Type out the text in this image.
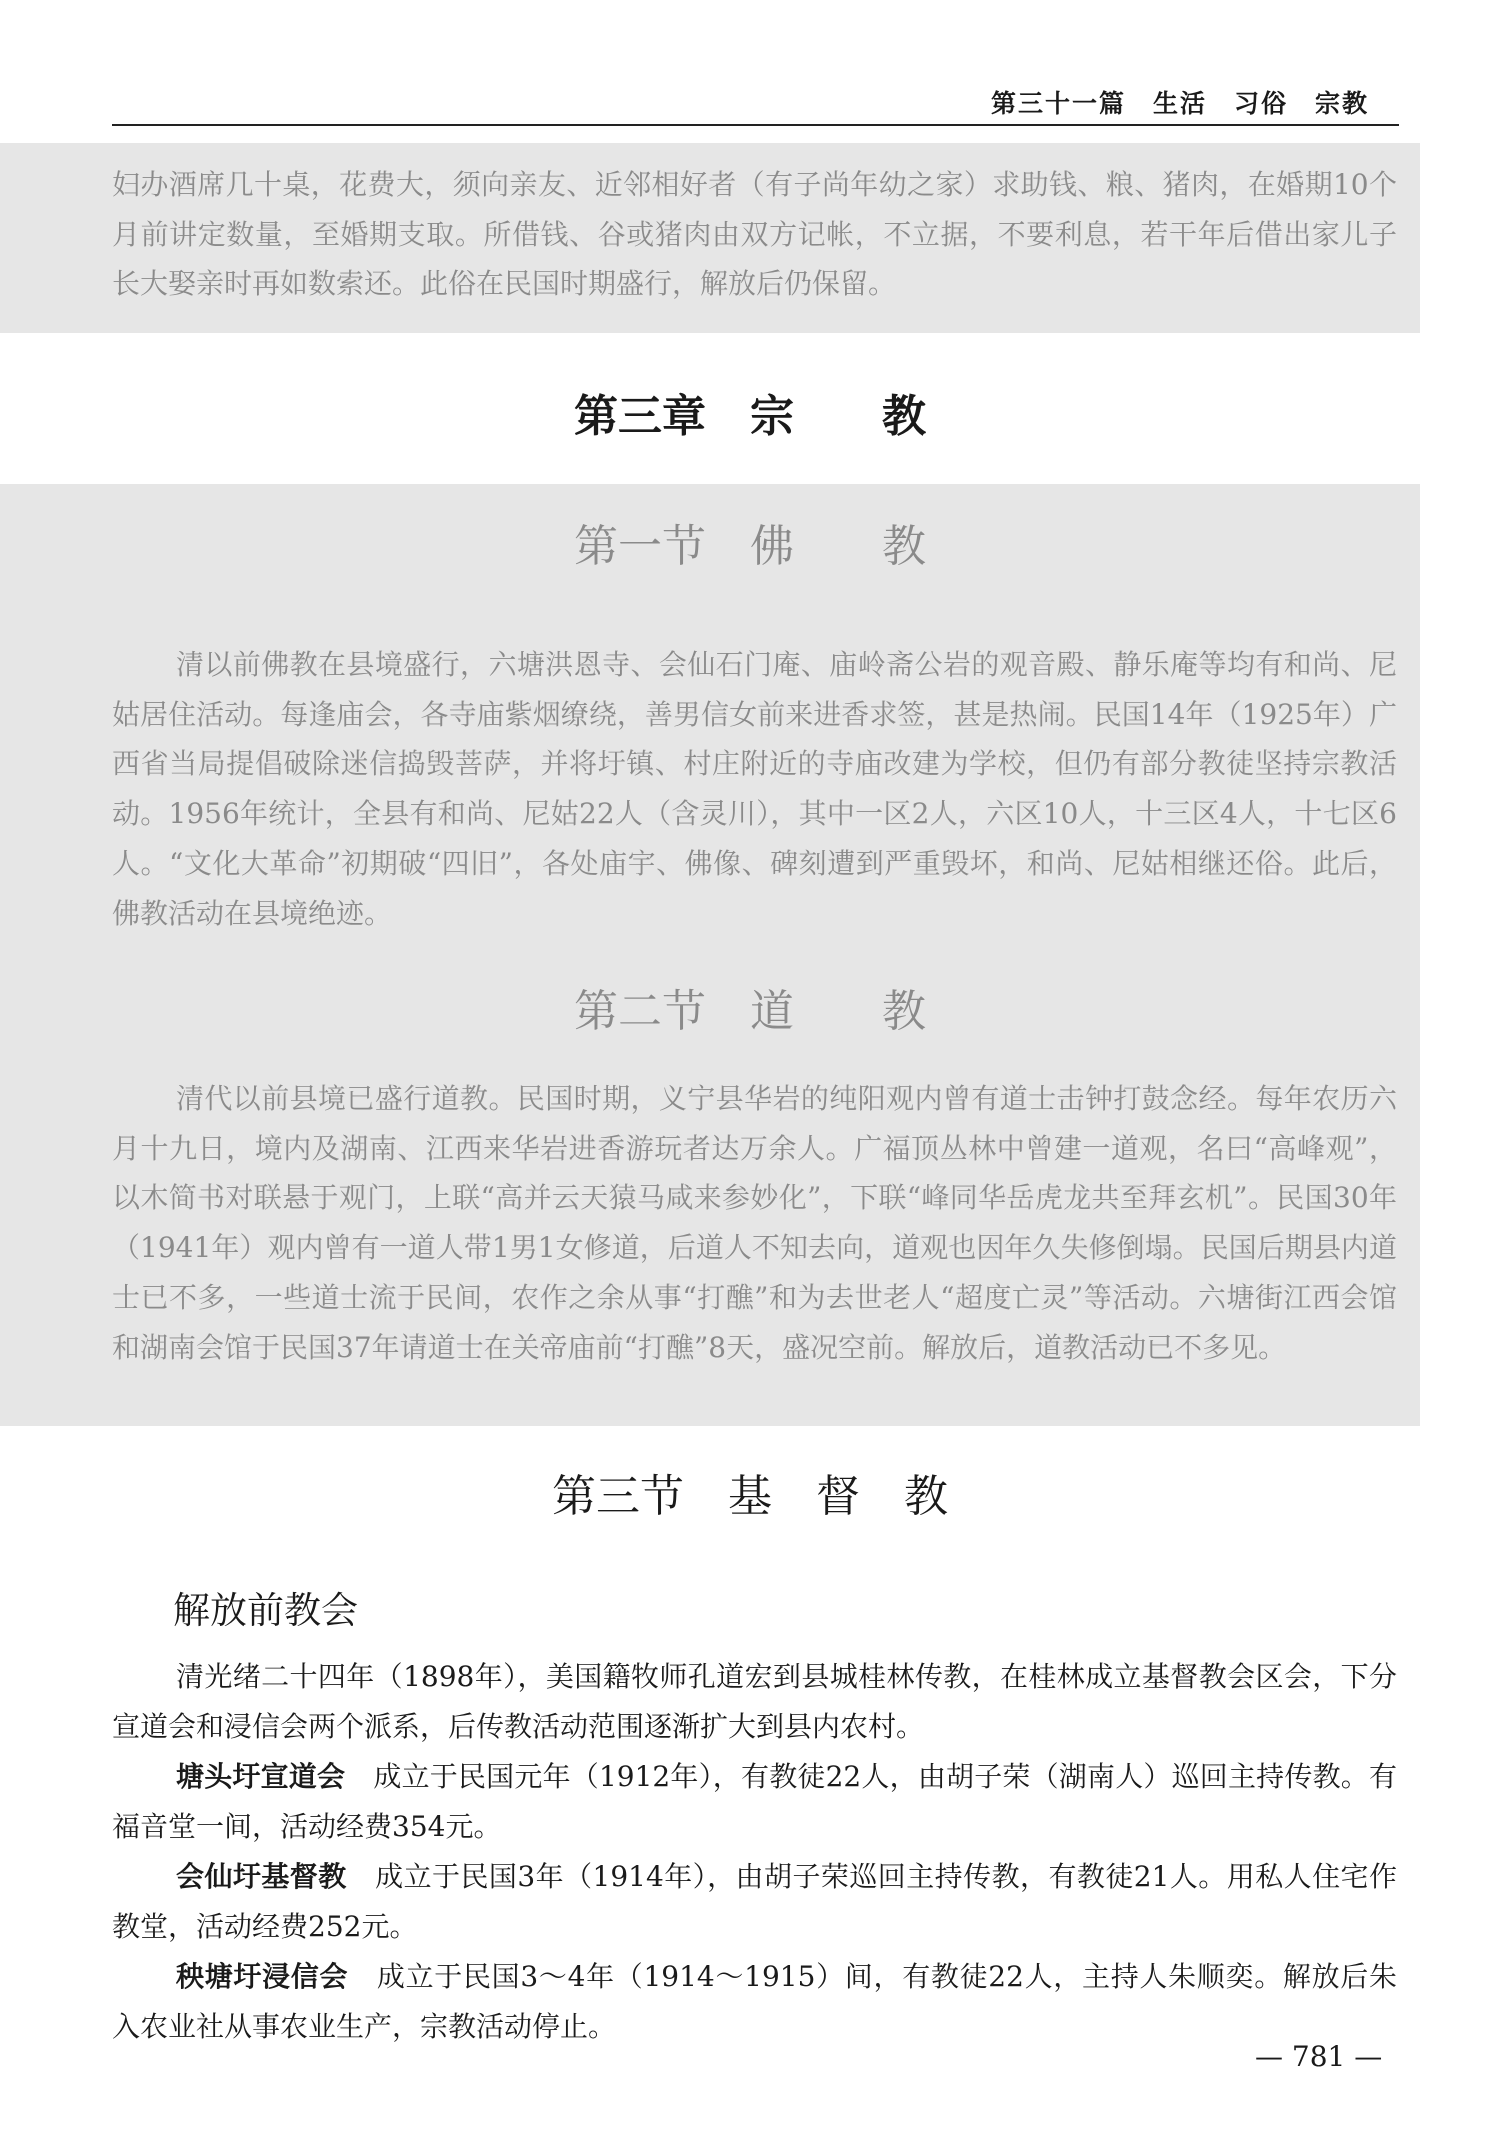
第三十一篇　生活　习俗　宗教

妇办酒席几十桌，花费大，须向亲友、近邻相好者（有子尚年幼之家）求助钱、粮、猪肉，在婚期10个月前讲定数量，至婚期支取。所借钱、谷或猪肉由双方记帐，不立据，不要利息，若干年后借出家儿子长大娶亲时再如数索还。此俗在民国时期盛行，解放后仍保留。

第三章　宗　　教
第一节　佛　　教

清以前佛教在县境盛行，六塘洪恩寺、会仙石门庵、庙岭斋公岩的观音殿、静乐庵等均有和尚、尼姑居住活动。每逢庙会，各寺庙紫烟缭绕，善男信女前来进香求签，甚是热闹。民国14年（1925年）广西省当局提倡破除迷信捣毁菩萨，并将圩镇、村庄附近的寺庙改建为学校，但仍有部分教徒坚持宗教活动。1956年统计，全县有和尚、尼姑22人（含灵川），其中一区2人，六区10人，十三区4人，十七区6人。“文化大革命”初期破“四旧”，各处庙宇、佛像、碑刻遭到严重毁坏，和尚、尼姑相继还俗。此后，佛教活动在县境绝迹。

第二节　道　　教

清代以前县境已盛行道教。民国时期，义宁县华岩的纯阳观内曾有道士击钟打鼓念经。每年农历六月十九日，境内及湖南、江西来华岩进香游玩者达万余人。广福顶丛林中曾建一道观，名曰“高峰观”，以木简书对联悬于观门，上联“高并云天猿马咸来参妙化”，下联“峰同华岳虎龙共至拜玄机”。民国30年（1941年）观内曾有一道人带1男1女修道，后道人不知去向，道观也因年久失修倒塌。民国后期县内道士已不多，一些道士流于民间，农作之余从事“打醮”和为去世老人“超度亡灵”等活动。六塘街江西会馆和湖南会馆于民国37年请道士在关帝庙前“打醮”8天，盛况空前。解放后，道教活动已不多见。

第三节　基　督　教
解放前教会

清光绪二十四年（1898年），美国籍牧师孔道宏到县城桂林传教，在桂林成立基督教会区会，下分宣道会和浸信会两个派系，后传教活动范围逐渐扩大到县内农村。

塘头圩宣道会　成立于民国元年（1912年），有教徒22人，由胡子荣（湖南人）巡回主持传教。有福音堂一间，活动经费354元。

会仙圩基督教　成立于民国3年（1914年），由胡子荣巡回主持传教，有教徒21人。用私人住宅作教堂，活动经费252元。

秧塘圩浸信会　成立于民国3～4年（1914～1915）间，有教徒22人，主持人朱顺奕。解放后朱入农业社从事农业生产，宗教活动停止。

— 781 —
